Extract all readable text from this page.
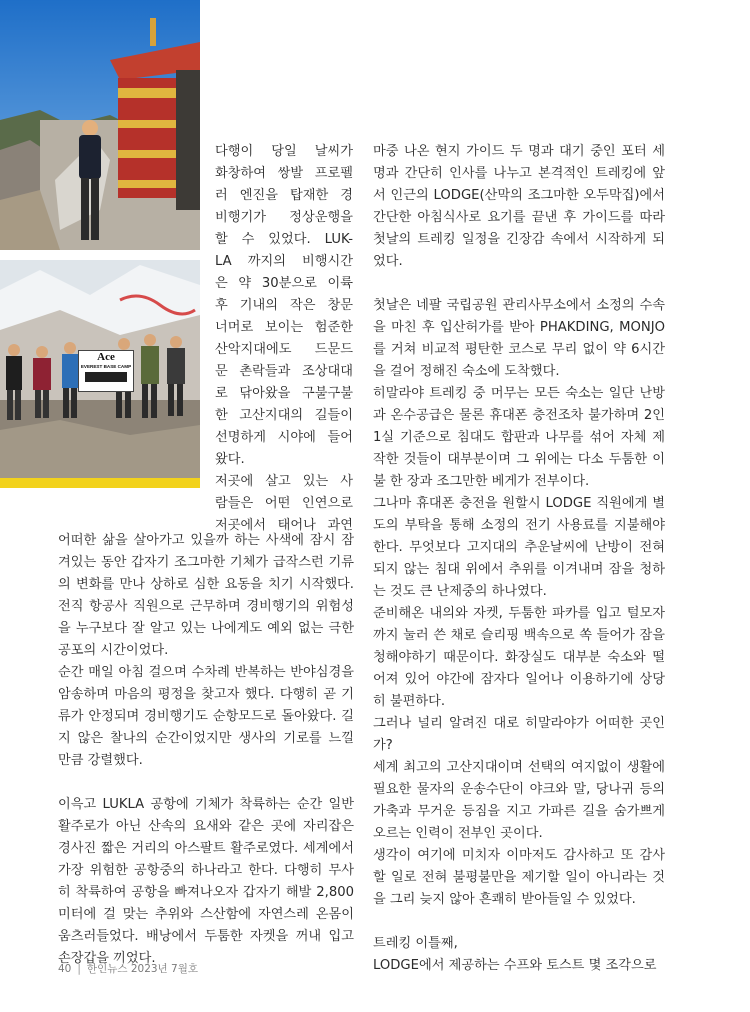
Ace
EVEREST BASE CAMP
다행이 당일 날씨가
화창하여 쌍발 프로펠
러 엔진을 탑재한 경
비행기가 정상운행을
할 수 있었다. LUK-
LA 까지의 비행시간
은 약 30분으로 이륙
후 기내의 작은 창문
너머로 보이는 험준한
산악지대에도 드문드
문 촌락들과 조상대대
로 닦아왔을 구불구불
한 고산지대의 길들이
선명하게 시야에 들어
왔다.
저곳에 살고 있는 사
람들은 어떤 인연으로
저곳에서 태어나 과연

어떠한 삶을 살아가고 있을까 하는 사색에 잠시 잠겨있는 동안 갑자기 조그마한 기체가 급작스런 기류의 변화를 만나 상하로 심한 요동을 치기 시작했다. 전직 항공사 직원으로 근무하며 경비행기의 위험성을 누구보다 잘 알고 있는 나에게도 예외 없는 극한 공포의 시간이었다.

순간 매일 아침 걸으며 수차례 반복하는 반야심경을 암송하며 마음의 평정을 찾고자 했다. 다행히 곧 기류가 안정되며 경비행기도 순항모드로 돌아왔다. 길지 않은 찰나의 순간이었지만 생사의 기로를 느낄 만큼 강렬했다.

이윽고 LUKLA 공항에 기체가 착륙하는 순간 일반 활주로가 아닌 산속의 요새와 같은 곳에 자리잡은 경사진 짧은 거리의 아스팔트 활주로였다. 세계에서 가장 위험한 공항중의 하나라고 한다. 다행히 무사히 착륙하여 공항을 빠져나오자 갑자기 해발 2,800미터에 걸 맞는 추위와 스산함에 자연스레 온몸이 움츠러들었다. 배낭에서 두툼한 자켓을 꺼내 입고 손장갑을 끼었다.

마중 나온 현지 가이드 두 명과 대기 중인 포터 세 명과 간단히 인사를 나누고 본격적인 트레킹에 앞서 인근의 LODGE(산막의 조그마한 오두막집)에서 간단한 아침식사로 요기를 끝낸 후 가이드를 따라 첫날의 트레킹 일정을 긴장감 속에서 시작하게 되었다.

첫날은 네팔 국립공원 관리사무소에서 소정의 수속을 마친 후 입산허가를 받아 PHAKDING, MONJO를 거쳐 비교적 평탄한 코스로 무리 없이 약 6시간을 걸어 정해진 숙소에 도착했다.

히말라야 트레킹 중 머무는 모든 숙소는 일단 난방과 온수공급은 물론 휴대폰 충전조차 불가하며 2인 1실 기준으로 침대도 합판과 나무를 섞어 자체 제작한 것들이 대부분이며 그 위에는 다소 두툼한 이불 한 장과 조그만한 베게가 전부이다.

그나마 휴대폰 충전을 원할시 LODGE 직원에게 별도의 부탁을 통해 소정의 전기 사용료를 지불해야 한다. 무엇보다 고지대의 추운날씨에 난방이 전혀 되지 않는 침대 위에서 추위를 이겨내며 잠을 청하는 것도 큰 난제중의 하나였다.

준비해온 내의와 자켓, 두툼한 파카를 입고 털모자까지 눌러 쓴 채로 슬리핑 백속으로 쏙 들어가 잠을 청해야하기 때문이다. 화장실도 대부분 숙소와 떨어져 있어 야간에 잠자다 일어나 이용하기에 상당히 불편하다.

그러나 널리 알려진 대로 히말라야가 어떠한 곳인가?

세계 최고의 고산지대이며 선택의 여지없이 생활에 필요한 물자의 운송수단이 야크와 말, 당나귀 등의 가축과 무거운 등짐을 지고 가파른 길을 숨가쁘게 오르는 인력이 전부인 곳이다.

생각이 여기에 미치자 이마저도 감사하고 또 감사할 일로 전혀 불평불만을 제기할 일이 아니라는 것을 그리 늦지 않아 흔쾌히 받아들일 수 있었다.

트레킹 이틀째,

LODGE에서 제공하는 수프와 토스트 몇 조각으로

40 | 한인뉴스 2023년 7월호
